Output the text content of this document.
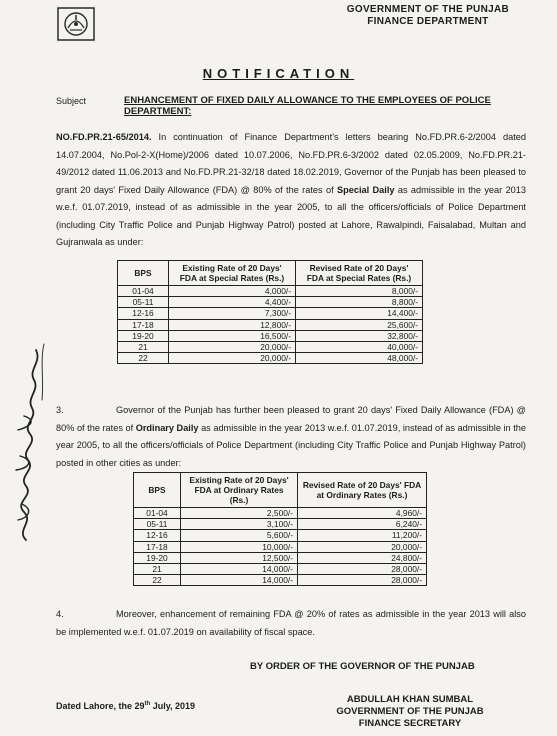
GOVERNMENT OF THE PUNJAB
FINANCE DEPARTMENT
NOTIFICATION
Subject	ENHANCEMENT OF FIXED DAILY ALLOWANCE TO THE EMPLOYEES OF POLICE DEPARTMENT:
NO.FD.PR.21-65/2014. In continuation of Finance Department's letters bearing No.FD.PR.6-2/2004 dated 14.07.2004, No.Pol-2-X(Home)/2006 dated 10.07.2006, No.FD.PR.6-3/2002 dated 02.05.2009, No.FD.PR.21-49/2012 dated 11.06.2013 and No.FD.PR.21-32/18 dated 18.02.2019, Governor of the Punjab has been pleased to grant 20 days' Fixed Daily Allowance (FDA) @ 80% of the rates of Special Daily as admissible in the year 2013 w.e.f. 01.07.2019, instead of as admissible in the year 2005, to all the officers/officials of Police Department (including City Traffic Police and Punjab Highway Patrol) posted at Lahore, Rawalpindi, Faisalabad, Multan and Gujranwala as under:
BPS	Existing Rate of 20 Days' FDA at Special Rates (Rs.)	Revised Rate of 20 Days' FDA at Special Rates (Rs.)
01-04	4,000/-	8,000/-
05-11	4,400/-	8,800/-
12-16	7,300/-	14,400/-
17-18	12,800/-	25,600/-
19-20	16,500/-	32,800/-
21	20,000/-	40,000/-
22	20,000/-	48,000/-
3.	Governor of the Punjab has further been pleased to grant 20 days' Fixed Daily Allowance (FDA) @ 80% of the rates of Ordinary Daily as admissible in the year 2013 w.e.f. 01.07.2019, instead of as admissible in the year 2005, to all the officers/officials of Police Department (including City Traffic Police and Punjab Highway Patrol) posted in other cities as under:
BPS	Existing Rate of 20 Days' FDA at Ordinary Rates (Rs.)	Revised Rate of 20 Days' FDA at Ordinary Rates (Rs.)
01-04	2,500/-	4,960/-
05-11	3,100/-	6,240/-
12-16	5,600/-	11,200/-
17-18	10,000/-	20,000/-
19-20	12,500/-	24,800/-
21	14,000/-	28,000/-
22	14,000/-	28,000/-
4.	Moreover, enhancement of remaining FDA @ 20% of rates as admissible in the year 2013 will also be implemented w.e.f. 01.07.2019 on availability of fiscal space.
BY ORDER OF THE GOVERNOR OF THE PUNJAB
Dated Lahore, the 29th July, 2019
ABDULLAH KHAN SUMBAL
GOVERNMENT OF THE PUNJAB
FINANCE SECRETARY
